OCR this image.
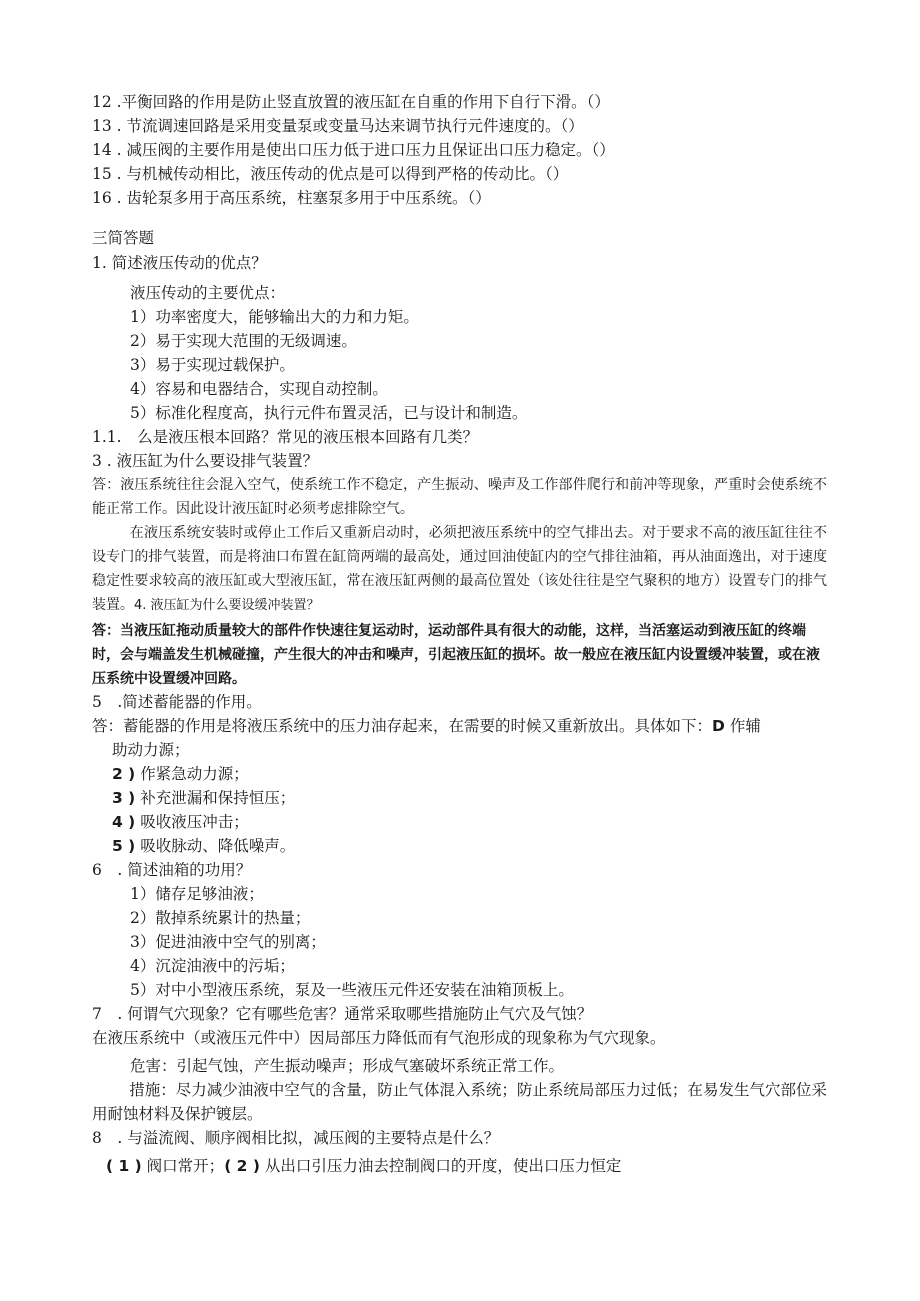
12 .平衡回路的作用是防止竖直放置的液压缸在自重的作用下自行下滑。（）
13 . 节流调速回路是采用变量泵或变量马达来调节执行元件速度的。（）
14 . 减压阀的主要作用是使出口压力低于进口压力且保证出口压力稳定。（）
15 . 与机械传动相比，液压传动的优点是可以得到严格的传动比。（）
16 . 齿轮泵多用于高压系统，柱塞泵多用于中压系统。（）
三简答题
1. 简述液压传动的优点？
液压传动的主要优点：
1）功率密度大，能够输出大的力和力矩。
2）易于实现大范围的无级调速。
3）易于实现过载保护。
4）容易和电器结合，实现自动控制。
5）标准化程度高，执行元件布置灵活，已与设计和制造。
1.1.　么是液压根本回路？常见的液压根本回路有几类？
3 . 液压缸为什么要设排气装置？
答：液压系统往往会混入空气，使系统工作不稳定，产生振动、噪声及工作部件爬行和前冲等现象，严重时会使系统不能正常工作。因此设计液压缸时必须考虑排除空气。
在液压系统安装时或停止工作后又重新启动时，必须把液压系统中的空气排出去。对于要求不高的液压缸往往不设专门的排气装置，而是将油口布置在缸筒两端的最高处，通过回油使缸内的空气排往油箱，再从油面逸出，对于速度稳定性要求较高的液压缸或大型液压缸，常在液压缸两侧的最高位置处（该处往往是空气聚积的地方）设置专门的排气装置。4. 液压缸为什么要设缓冲装置？
答：当液压缸拖动质量较大的部件作快速往复运动时，运动部件具有很大的动能，这样，当活塞运动到液压缸的终端时，会与端盖发生机械碰撞，产生很大的冲击和噪声，引起液压缸的损坏。故一般应在液压缸内设置缓冲装置，或在液压系统中设置缓冲回路。
5　.简述蓄能器的作用。
答：蓄能器的作用是将液压系统中的压力油存起来，在需要的时候又重新放出。具体如下：D 作辅
助动力源；
2 ) 作紧急动力源；
3 ) 补充泄漏和保持恒压；
4 ) 吸收液压冲击；
5 ) 吸收脉动、降低噪声。
6　. 简述油箱的功用？
1）储存足够油液；
2）散掉系统累计的热量；
3）促进油液中空气的别离；
4）沉淀油液中的污垢；
5）对中小型液压系统，泵及一些液压元件还安装在油箱顶板上。
7　. 何谓气穴现象？它有哪些危害？通常采取哪些措施防止气穴及气蚀？
在液压系统中（或液压元件中）因局部压力降低而有气泡形成的现象称为气穴现象。
危害：引起气蚀，产生振动噪声；形成气塞破坏系统正常工作。
措施：尽力减少油液中空气的含量，防止气体混入系统；防止系统局部压力过低；在易发生气穴部位采用耐蚀材料及保护镀层。
8　. 与溢流阀、顺序阀相比拟，减压阀的主要特点是什么？
( 1 ) 阀口常开；( 2 ) 从出口引压力油去控制阀口的开度，使出口压力恒定
